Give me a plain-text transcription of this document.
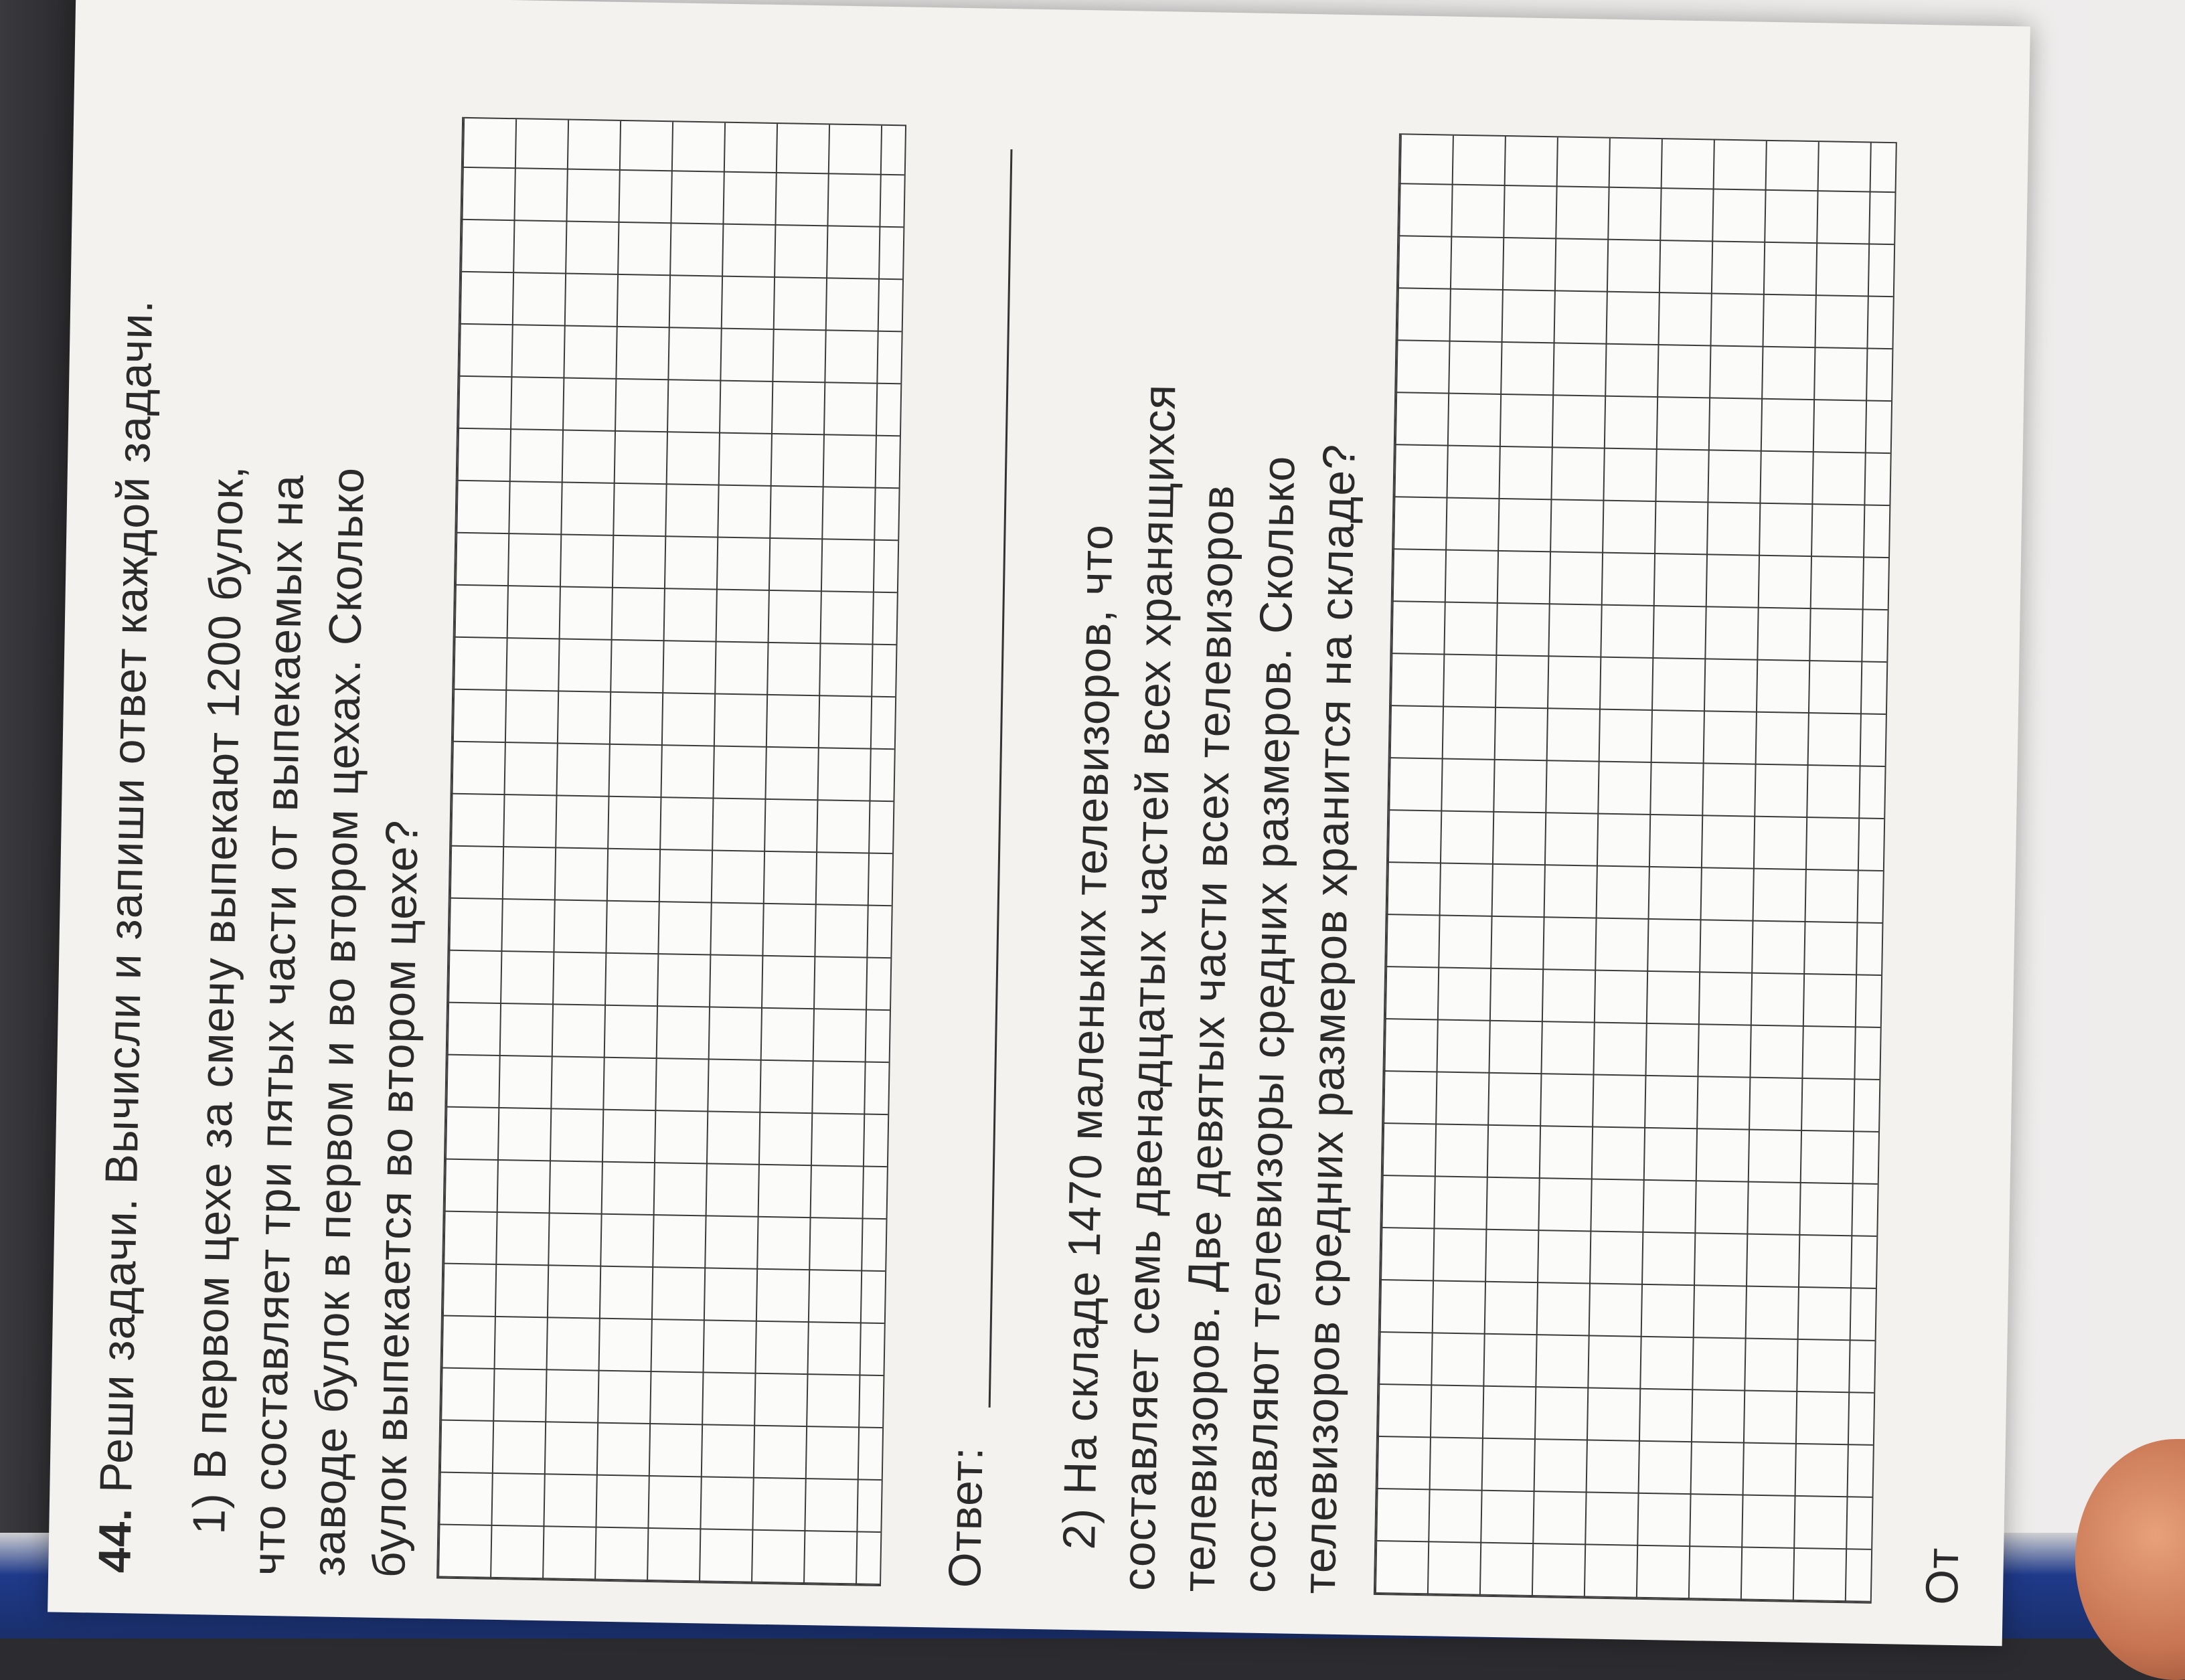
44.
Реши задачи. Вычисли и запиши ответ каждой задачи. 1) В первом цехе за смену выпекают 1200 булок,
что составляет три пятых части от выпекаемых на
заводе булок в первом и во втором цехах. Сколько
булок выпекается во втором цехе?	Ответ: 2) На складе 1470 маленьких телевизоров, что
составляет семь двенадцатых частей всех хранящихся
телевизоров. Две девятых части всех телевизоров
составляют телевизоры средних размеров. Сколько
телевизоров средних размеров хранится на складе?	От
